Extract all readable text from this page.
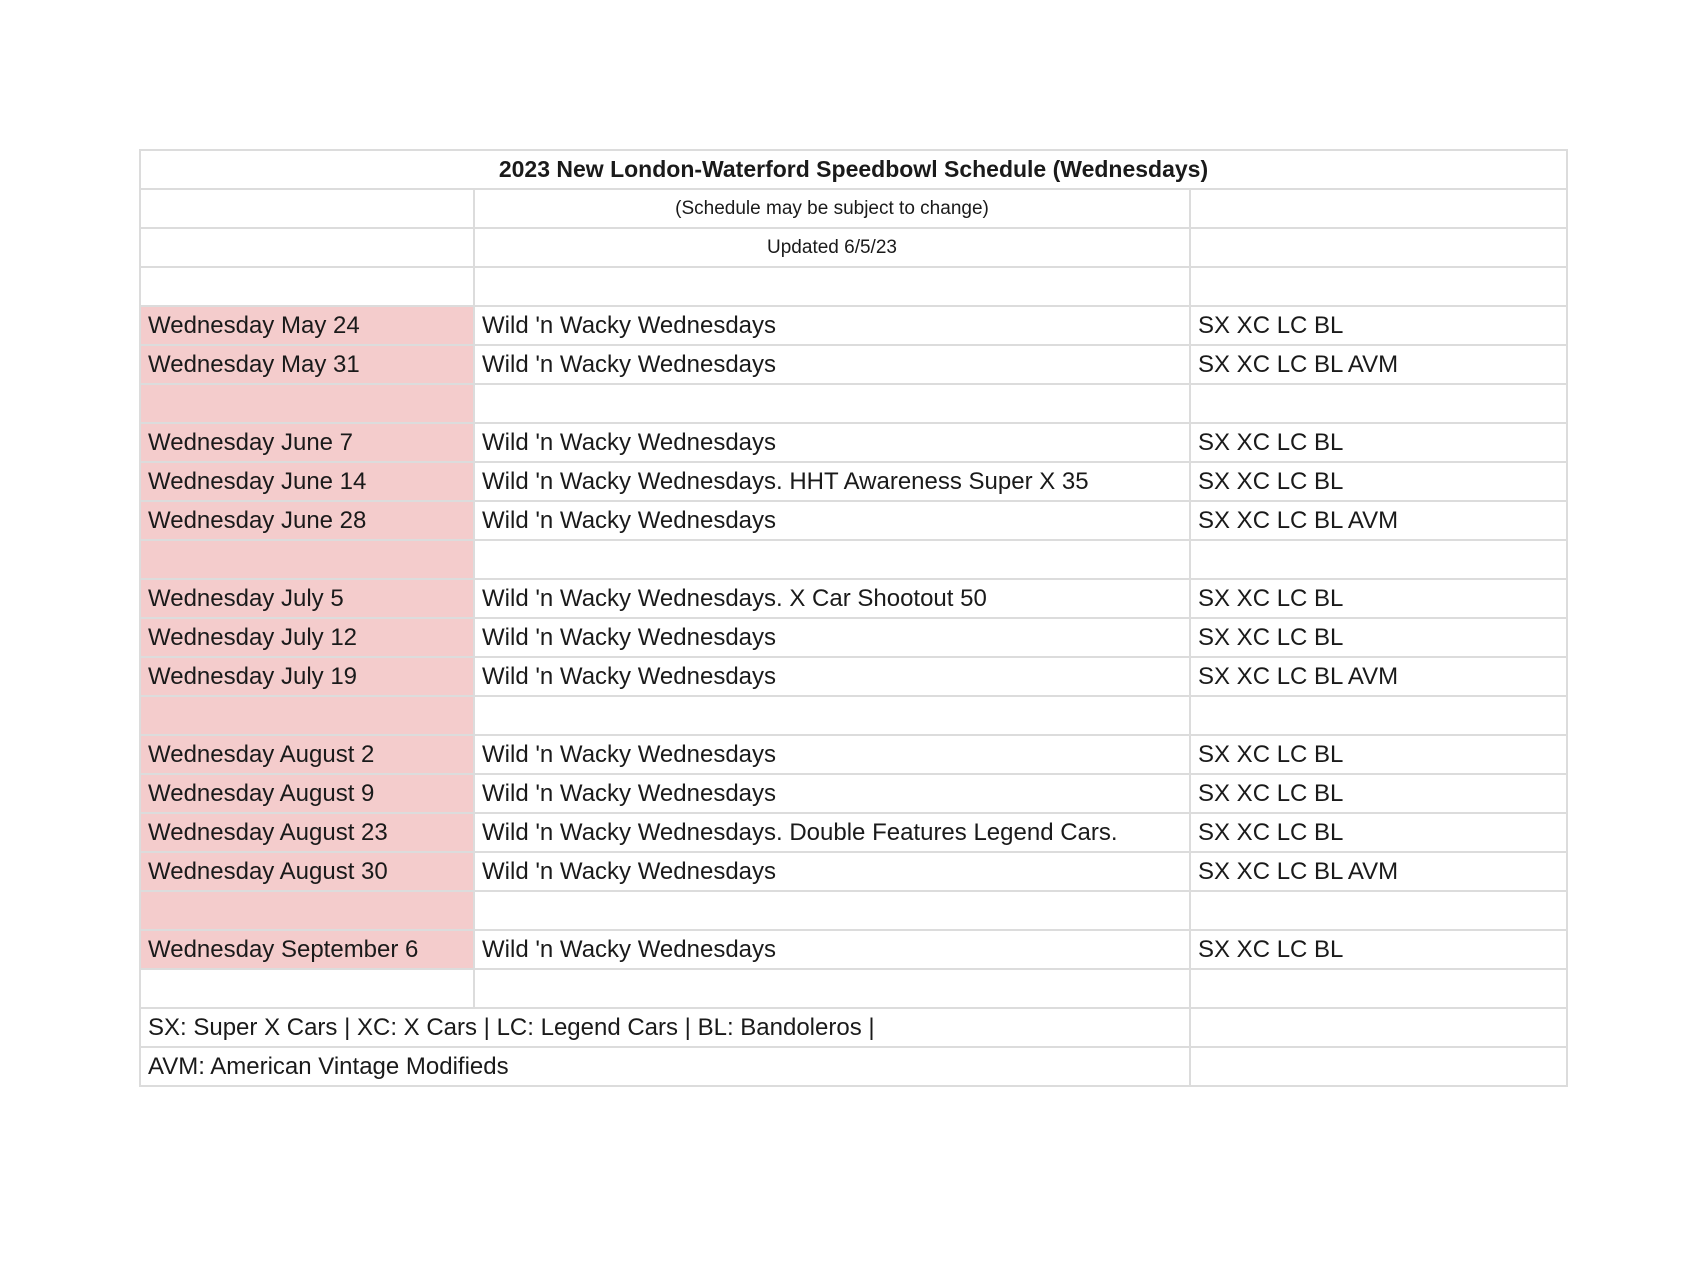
2023 New London-Waterford Speedbowl Schedule (Wednesdays)		
	(Schedule may be subject to change)	
	Updated 6/5/23	

Wednesday May 24	Wild 'n Wacky Wednesdays	SX XC LC BL
Wednesday May 31	Wild 'n Wacky Wednesdays	SX XC LC BL AVM

Wednesday June 7	Wild 'n Wacky Wednesdays	SX XC LC BL
Wednesday June 14	Wild 'n Wacky Wednesdays. HHT Awareness Super X 35	SX XC LC BL
Wednesday June 28	Wild 'n Wacky Wednesdays	SX XC LC BL AVM

Wednesday July 5	Wild 'n Wacky Wednesdays. X Car Shootout 50	SX XC LC BL
Wednesday July 12	Wild 'n Wacky Wednesdays	SX XC LC BL
Wednesday July 19	Wild 'n Wacky Wednesdays	SX XC LC BL AVM

Wednesday August 2	Wild 'n Wacky Wednesdays	SX XC LC BL
Wednesday August 9	Wild 'n Wacky Wednesdays	SX XC LC BL
Wednesday August 23	Wild 'n Wacky Wednesdays. Double Features Legend Cars.	SX XC LC BL
Wednesday August 30	Wild 'n Wacky Wednesdays	SX XC LC BL AVM

Wednesday September 6	Wild 'n Wacky Wednesdays	SX XC LC BL

SX: Super X Cars | XC: X Cars | LC: Legend Cars | BL: Bandoleros |		
AVM: American Vintage Modifieds		
